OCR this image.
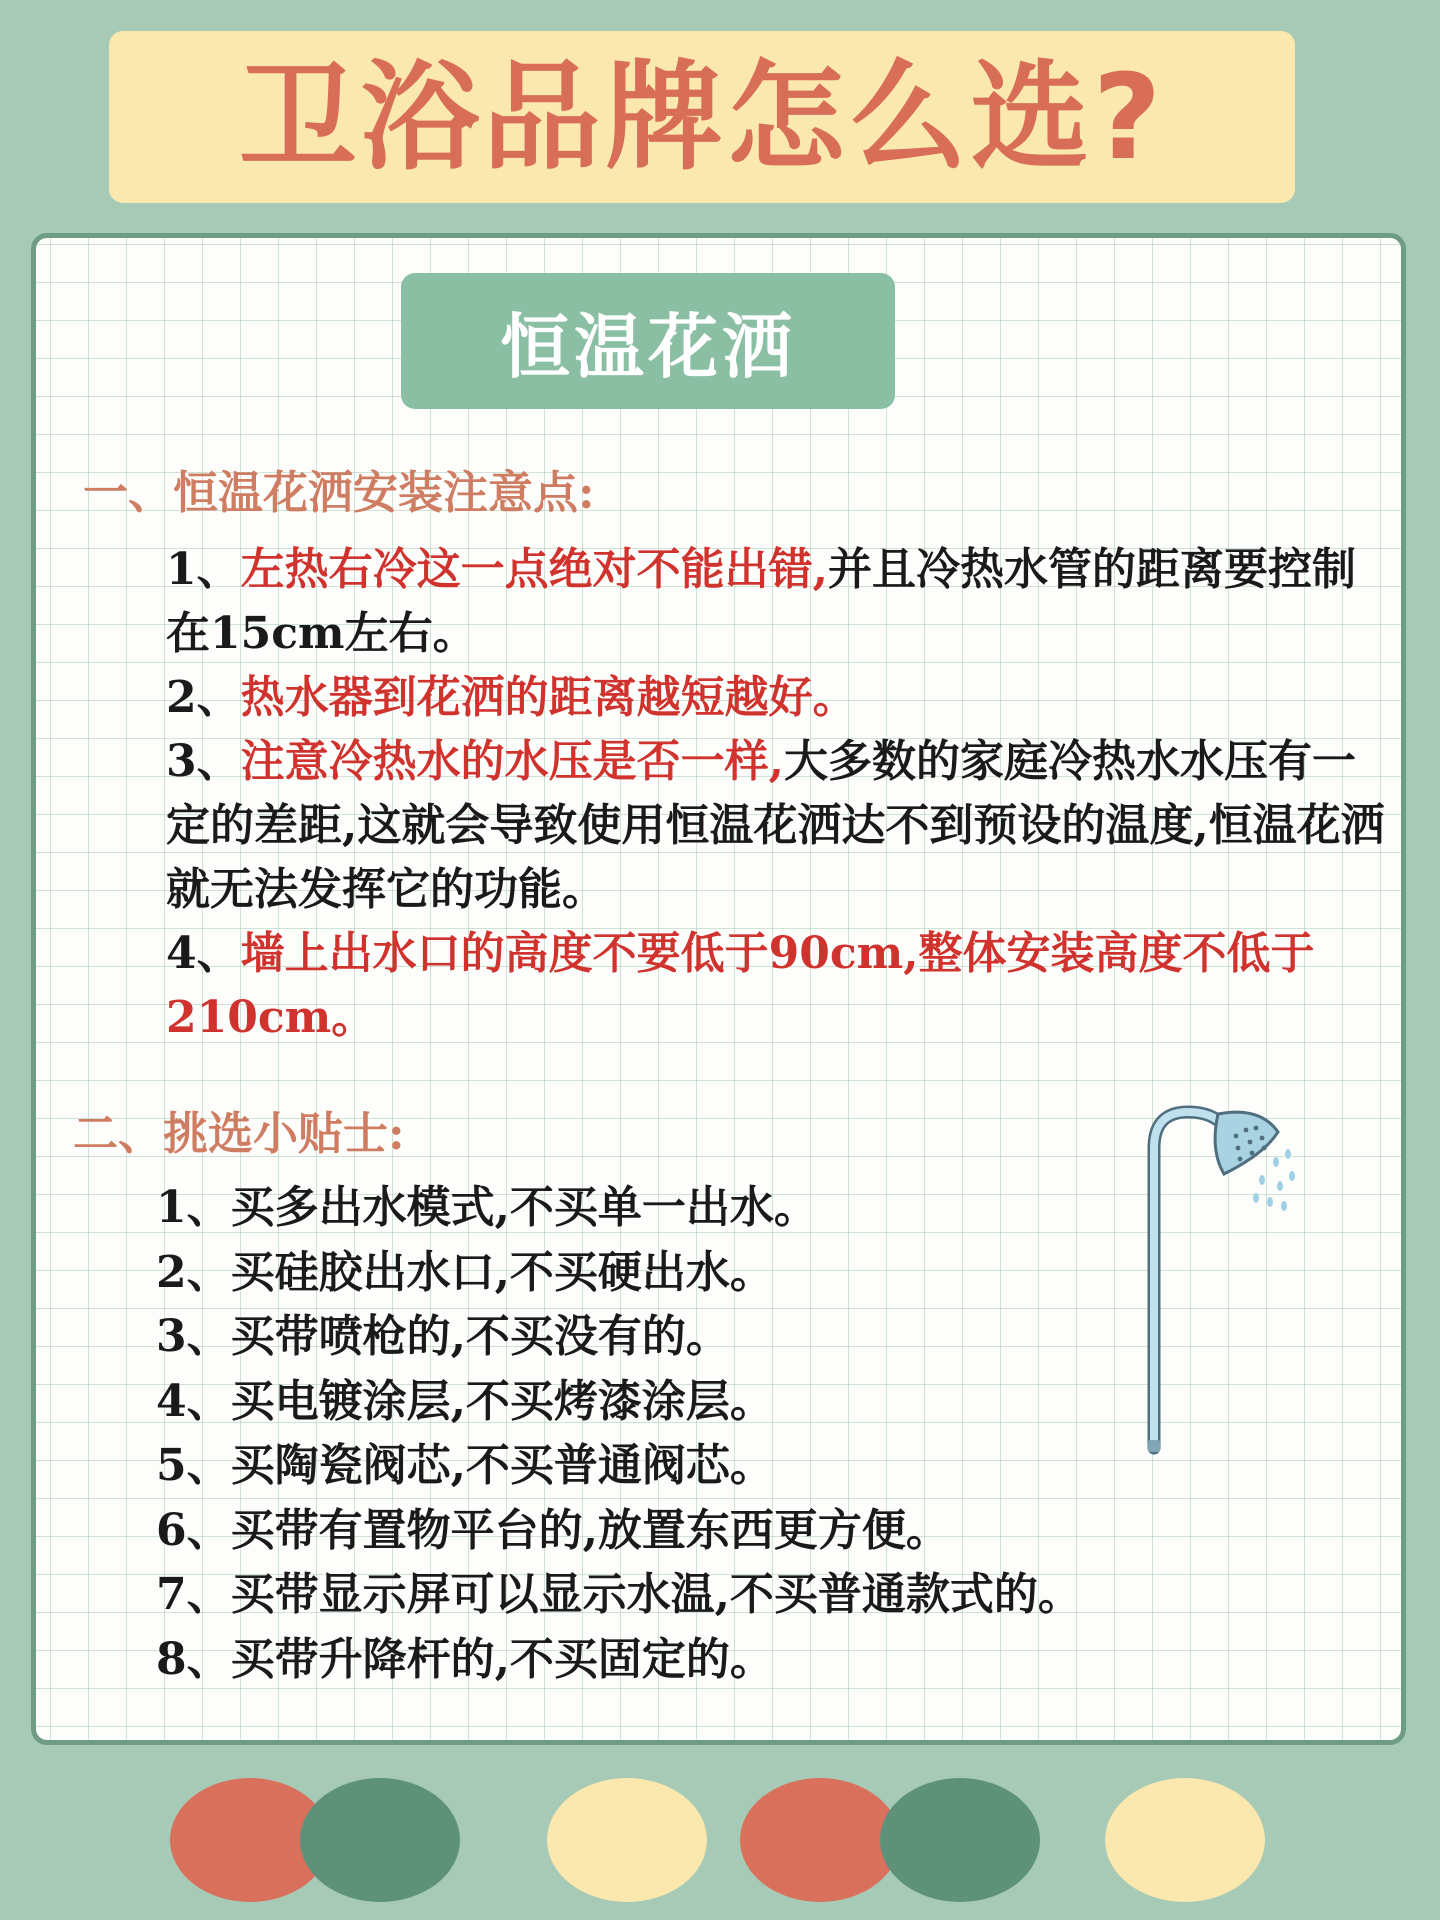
卫浴品牌怎么选?
恒温花洒
一、恒温花洒安装注意点:

1、左热右冷这一点绝对不能出错,并且冷热水管的距离要控制在15cm左右。

2、热水器到花洒的距离越短越好。

3、注意冷热水的水压是否一样,大多数的家庭冷热水水压有一定的差距,这就会导致使用恒温花洒达不到预设的温度,恒温花洒就无法发挥它的功能。

4、墙上出水口的高度不要低于90cm,整体安装高度不低于210cm。

二、挑选小贴士:

1、买多出水模式,不买单一出水。

2、买硅胶出水口,不买硬出水。

3、买带喷枪的,不买没有的。

4、买电镀涂层,不买烤漆涂层。

5、买陶瓷阀芯,不买普通阀芯。

6、买带有置物平台的,放置东西更方便。

7、买带显示屏可以显示水温,不买普通款式的。

8、买带升降杆的,不买固定的。
